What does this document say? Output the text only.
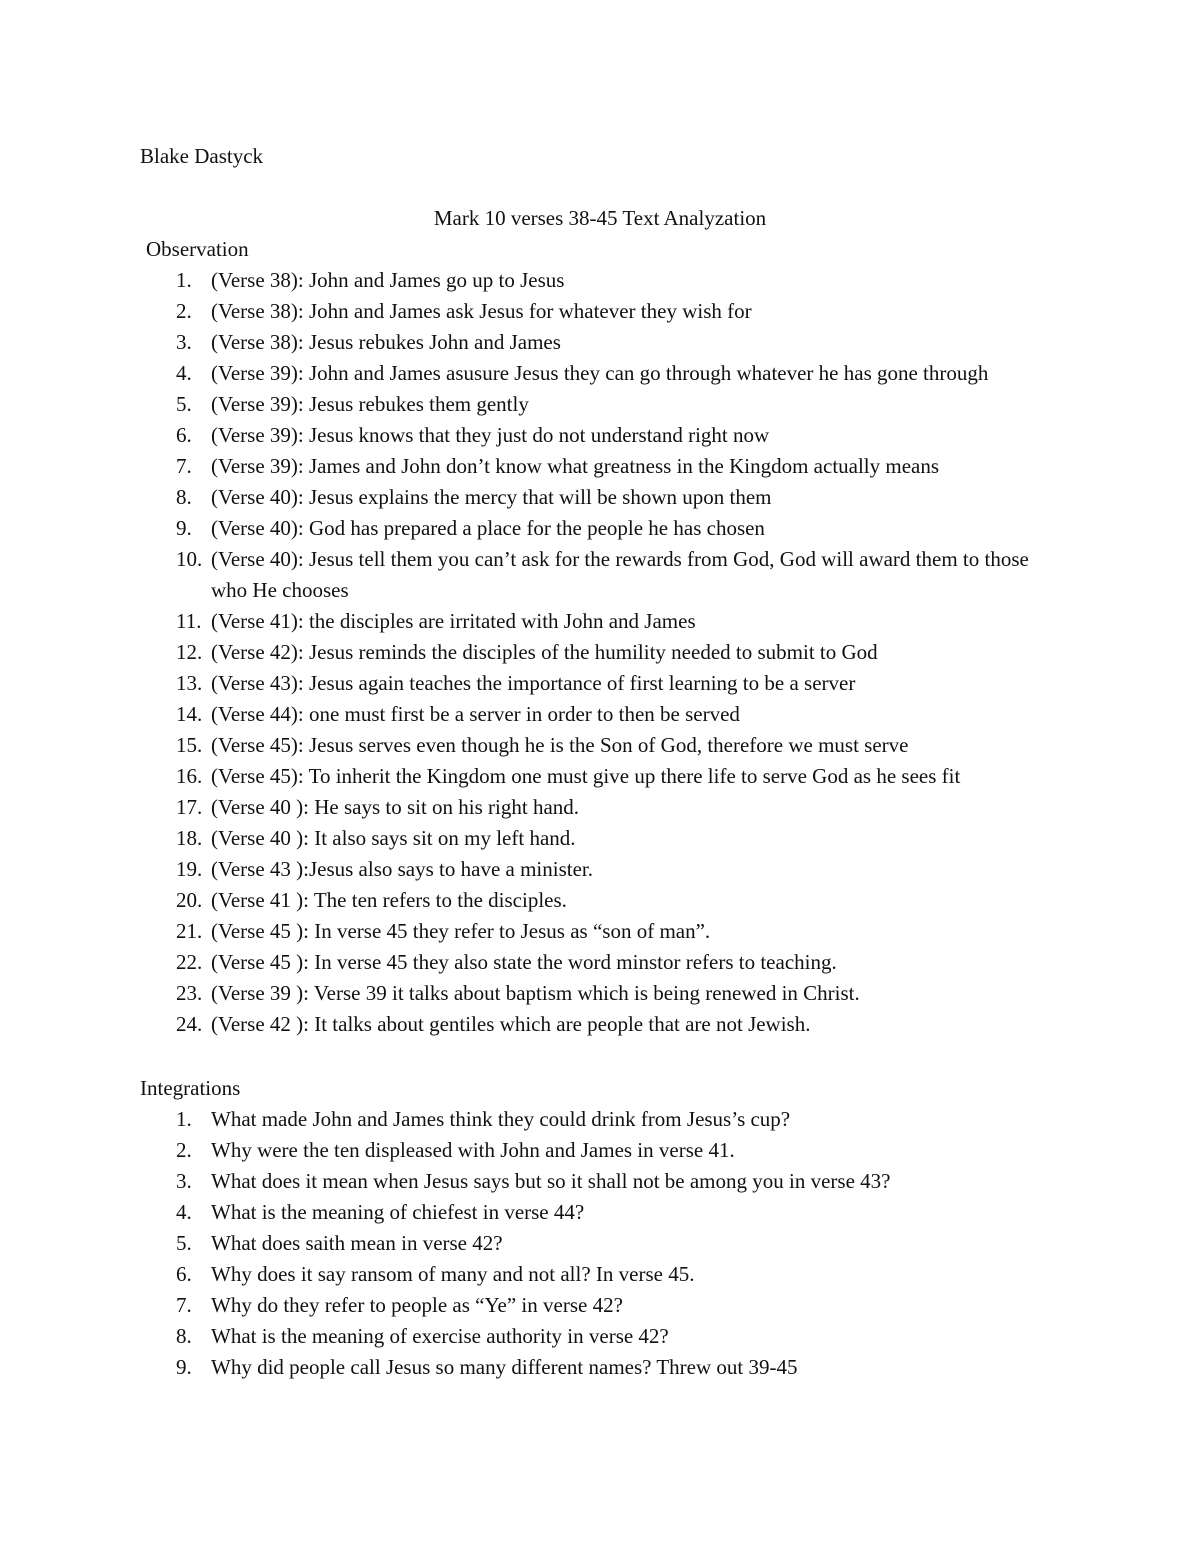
Blake Dastyck
Mark 10 verses 38-45 Text Analyzation
Observation
1. (Verse 38): John and James go up to Jesus
2. (Verse 38): John and James ask Jesus for whatever they wish for
3. (Verse 38): Jesus rebukes John and James
4. (Verse 39): John and James asusure Jesus they can go through whatever he has gone through
5. (Verse 39): Jesus rebukes them gently
6. (Verse 39): Jesus knows that they just do not understand right now
7. (Verse 39): James and John don’t know what greatness in the Kingdom actually means
8. (Verse 40): Jesus explains the mercy that will be shown upon them
9. (Verse 40): God has prepared a place for the people he has chosen
10. (Verse 40): Jesus tell them you can’t ask for the rewards from God, God will award them to those who He chooses
11. (Verse 41): the disciples are irritated with John and James
12. (Verse 42): Jesus reminds the disciples of the humility needed to submit to God
13. (Verse 43): Jesus again teaches the importance of first learning to be a server
14. (Verse 44): one must first be a server in order to then be served
15. (Verse 45): Jesus serves even though he is the Son of God, therefore we must serve
16. (Verse 45): To inherit the Kingdom one must give up there life to serve God as he sees fit
17. (Verse 40 ): He says to sit on his right hand.
18. (Verse 40 ): It also says sit on my left hand.
19. (Verse 43 ):Jesus also says to have a minister.
20. (Verse 41 ): The ten refers to the disciples.
21. (Verse 45 ): In verse 45 they refer to Jesus as “son of man”.
22. (Verse 45 ): In verse 45 they also state the word minstor refers to teaching.
23. (Verse 39 ): Verse 39 it talks about baptism which is being renewed in Christ.
24. (Verse 42 ): It talks about gentiles which are people that are not Jewish.
Integrations
1. What made John and James think they could drink from Jesus’s cup?
2. Why were the ten displeased with John and James in verse 41.
3. What does it mean when Jesus says but so it shall not be among you in verse 43?
4. What is the meaning of chiefest in verse 44?
5. What does saith mean in verse 42?
6. Why does it say ransom of many and not all? In verse 45.
7. Why do they refer to people as “Ye” in verse 42?
8. What is the meaning of exercise authority in verse 42?
9. Why did people call Jesus so many different names? Threw out 39-45
